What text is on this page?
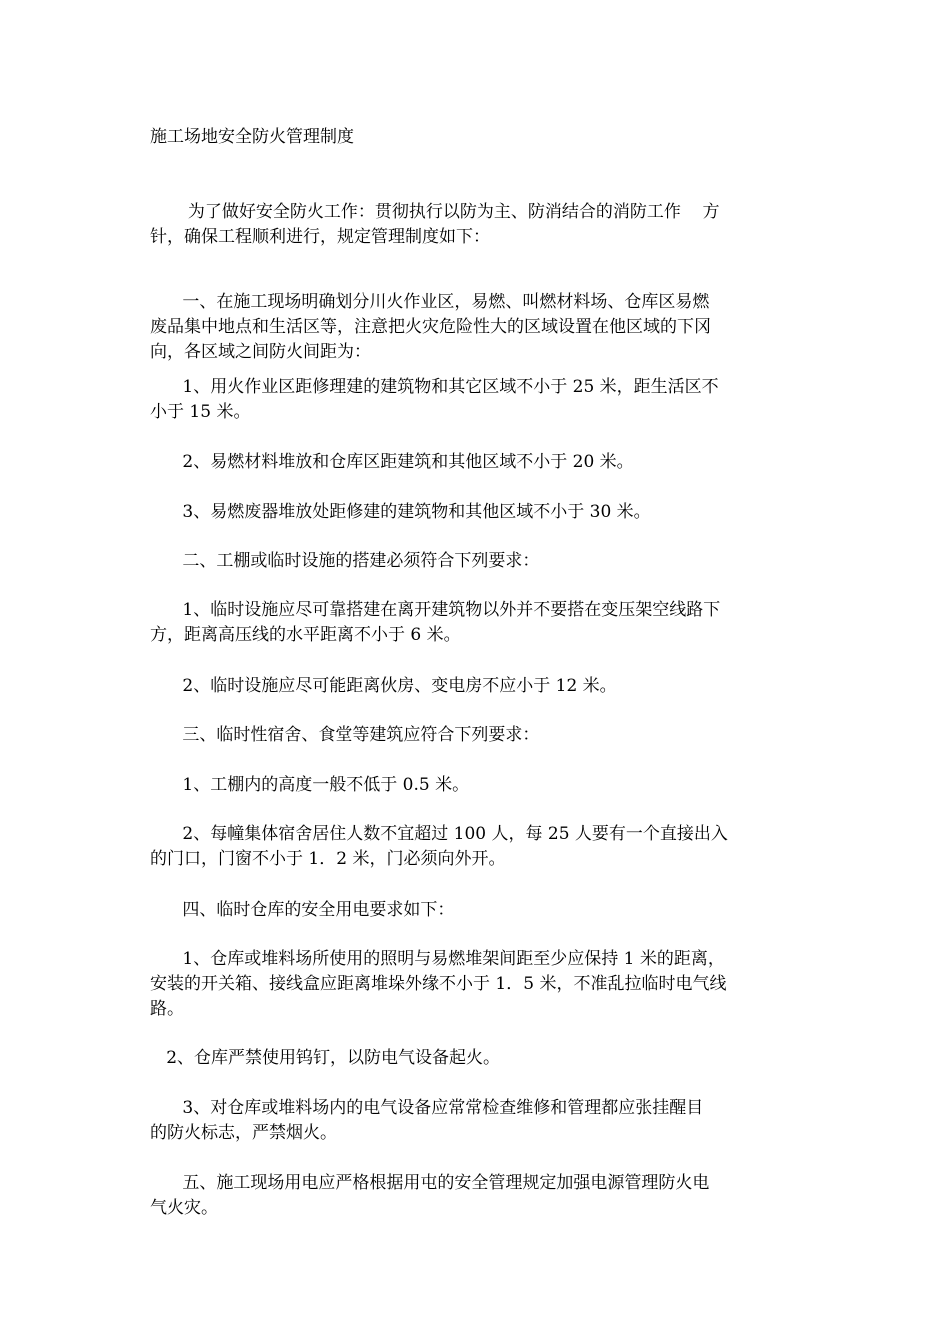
施工场地安全防火管理制度
为了做好安全防火工作：贯彻执行以防为主、防消结合的消防工作    方
针，确保工程顺利进行，规定管理制度如下：
一、在施工现场明确划分川火作业区，易燃、叫燃材料场、仓库区易燃
废品集中地点和生活区等，注意把火灾危险性大的区域设置在他区域的下冈
向，各区域之间防火间距为：
1、用火作业区距修理建的建筑物和其它区域不小于 25 米，距生活区不
小于 15 米。
2、易燃材料堆放和仓库区距建筑和其他区域不小于 20 米。
3、易燃废器堆放处距修建的建筑物和其他区域不小于 30 米。
二、工棚或临时设施的搭建必须符合下列要求：
1、临时设施应尽可靠搭建在离开建筑物以外并不要搭在变压架空线路下
方，距离高压线的水平距离不小于 6 米。
2、临时设施应尽可能距离伙房、变电房不应小于 12 米。
三、临时性宿舍、食堂等建筑应符合下列要求：
1、工棚内的高度一般不低于 0.5 米。
2、每幢集体宿舍居住人数不宜超过 100 人，每 25 人要有一个直接出入
的门口，门窗不小于 1．2 米，门必须向外开。
四、临时仓库的安全用电要求如下：
1、仓库或堆料场所使用的照明与易燃堆架间距至少应保持 1 米的距离，
安装的开关箱、接线盒应距离堆垛外缘不小于 1．5 米，不准乱拉临时电气线
路。
2、仓库严禁使用钨钉，以防电气设备起火。
3、对仓库或堆料场内的电气设备应常常检查维修和管理都应张挂醒目
的防火标志，严禁烟火。
五、施工现场用电应严格根据用屯的安全管理规定加强电源管理防火电
气火灾。
